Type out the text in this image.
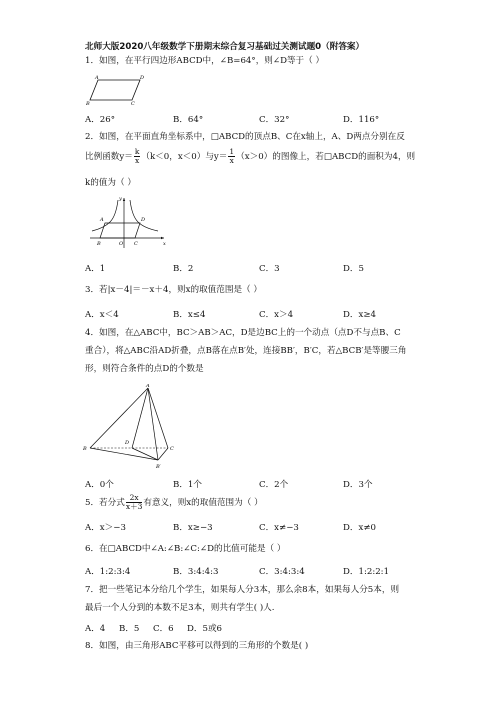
北师大版2020八年级数学下册期末综合复习基础过关测试题0（附答案）
1．如图，在平行四边形ABCD中，∠B=64°，则∠D等于（ ）
A	D
B	C
A．26°	B．64°	C．32°	D．116°
2．如图，在平面直角坐标系中，□ABCD的顶点B、C在x轴上，A、D两点分别在反
比例函数$y= \frac{k}{x} (k<0$，x＜0）与$y= \frac{1}{x} (x>0)$的图像上，若□ABCD的面积为4，则
k的值为（ ）
y
A	D
B	O C	x
A．1	B．2	C．3	D．5
3．若|x－4|＝－x＋4，则x的取值范围是（ ）
A．x＜4	B．x≤4	C．x＞4	D．x≥4
4．如图，在△ABC中，BC＞AB＞AC，D是边BC上的一个动点（点D不与点B、C
重合），将△ABC沿AD折叠，点B落在点B′处，连接BB′，B′C，若△BCB′是等腰三角
形，则符合条件的点D的个数是
A
B
D
C
B′
A．0个	B．1个	C．2个	D．3个
5．若分式 $\frac{2x}{x+3}$ 有意义，则x的取值范围为（ ）
A．x＞−3	B．x≥−3	C．x≠−3	D．x≠0
6．在□ABCD中∠A:∠B:∠C:∠D的比值可能是（ ）
A．1:2:3:4	B．3:4:4:3	C．3:4:3:4	D．1:2:2:1
7．把一些笔记本分给几个学生，如果每人分3本，那么余8本，如果每人分5本，则
最后一个人分到的本数不足3本，则共有学生( )人.
A．4 B．5 C．6 D．5或6
8．如图，由三角形ABC平移可以得到的三角形的个数是( )
